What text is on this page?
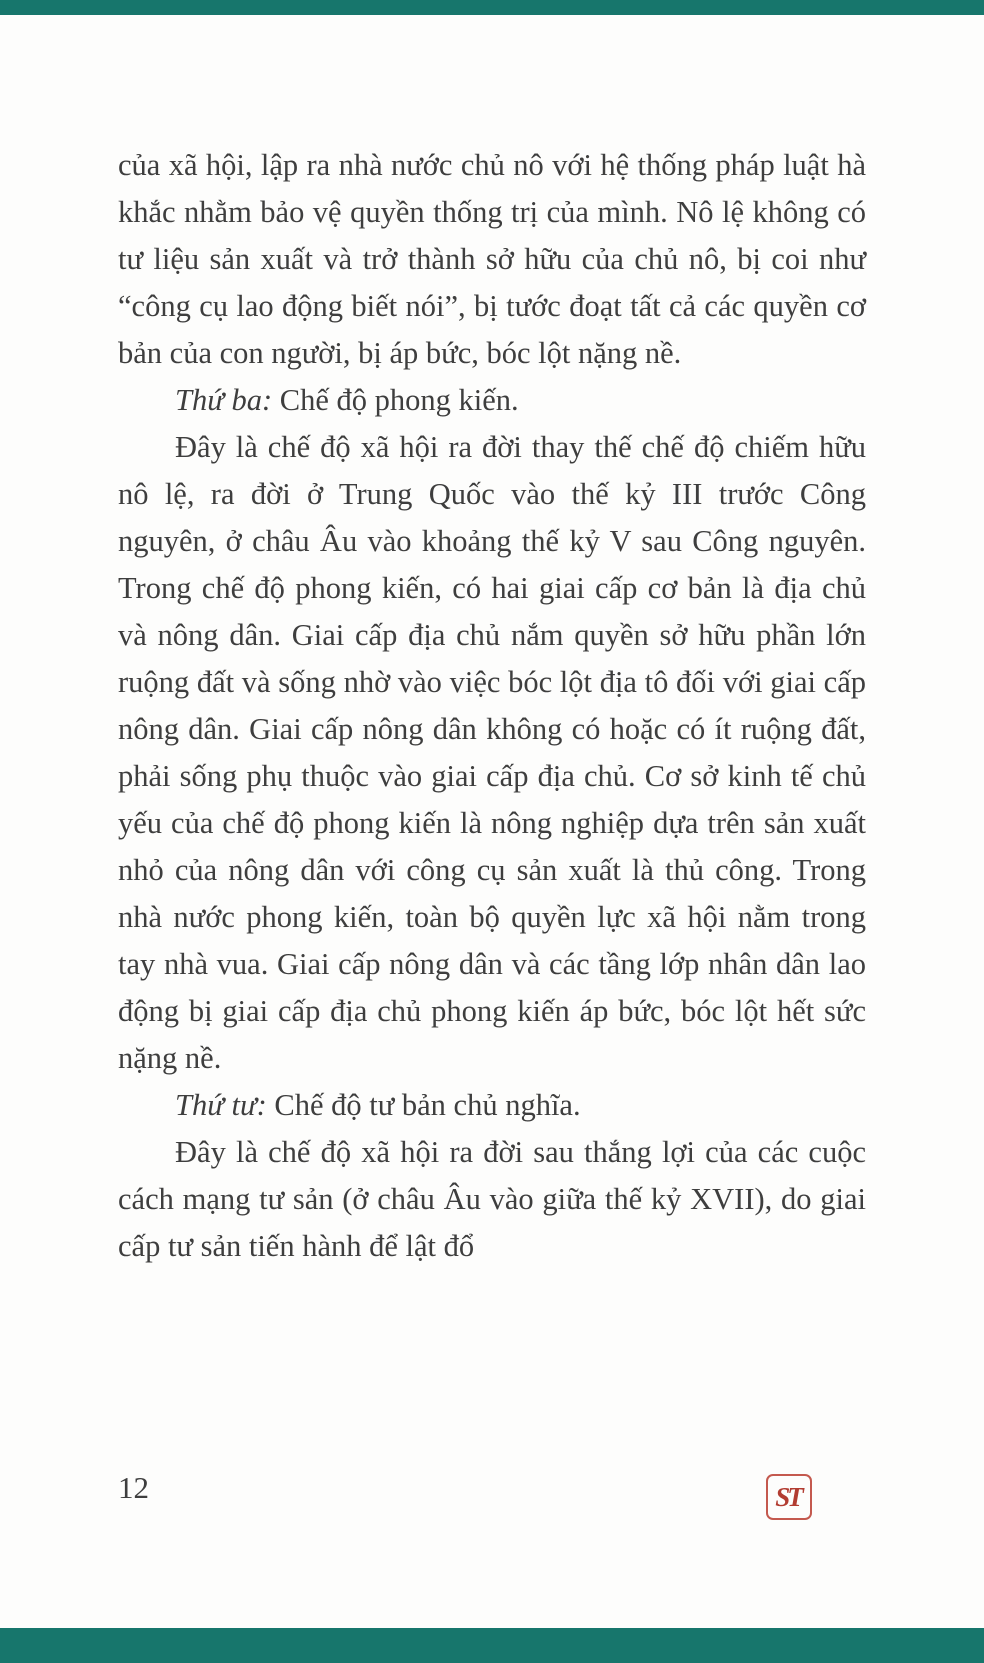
của xã hội, lập ra nhà nước chủ nô với hệ thống pháp luật hà khắc nhằm bảo vệ quyền thống trị của mình. Nô lệ không có tư liệu sản xuất và trở thành sở hữu của chủ nô, bị coi như “công cụ lao động biết nói”, bị tước đoạt tất cả các quyền cơ bản của con người, bị áp bức, bóc lột nặng nề.

Thứ ba: Chế độ phong kiến.

Đây là chế độ xã hội ra đời thay thế chế độ chiếm hữu nô lệ, ra đời ở Trung Quốc vào thế kỷ III trước Công nguyên, ở châu Âu vào khoảng thế kỷ V sau Công nguyên. Trong chế độ phong kiến, có hai giai cấp cơ bản là địa chủ và nông dân. Giai cấp địa chủ nắm quyền sở hữu phần lớn ruộng đất và sống nhờ vào việc bóc lột địa tô đối với giai cấp nông dân. Giai cấp nông dân không có hoặc có ít ruộng đất, phải sống phụ thuộc vào giai cấp địa chủ. Cơ sở kinh tế chủ yếu của chế độ phong kiến là nông nghiệp dựa trên sản xuất nhỏ của nông dân với công cụ sản xuất là thủ công. Trong nhà nước phong kiến, toàn bộ quyền lực xã hội nằm trong tay nhà vua. Giai cấp nông dân và các tầng lớp nhân dân lao động bị giai cấp địa chủ phong kiến áp bức, bóc lột hết sức nặng nề.

Thứ tư: Chế độ tư bản chủ nghĩa.

Đây là chế độ xã hội ra đời sau thắng lợi của các cuộc cách mạng tư sản (ở châu Âu vào giữa thế kỷ XVII), do giai cấp tư sản tiến hành để lật đổ

12	ST
